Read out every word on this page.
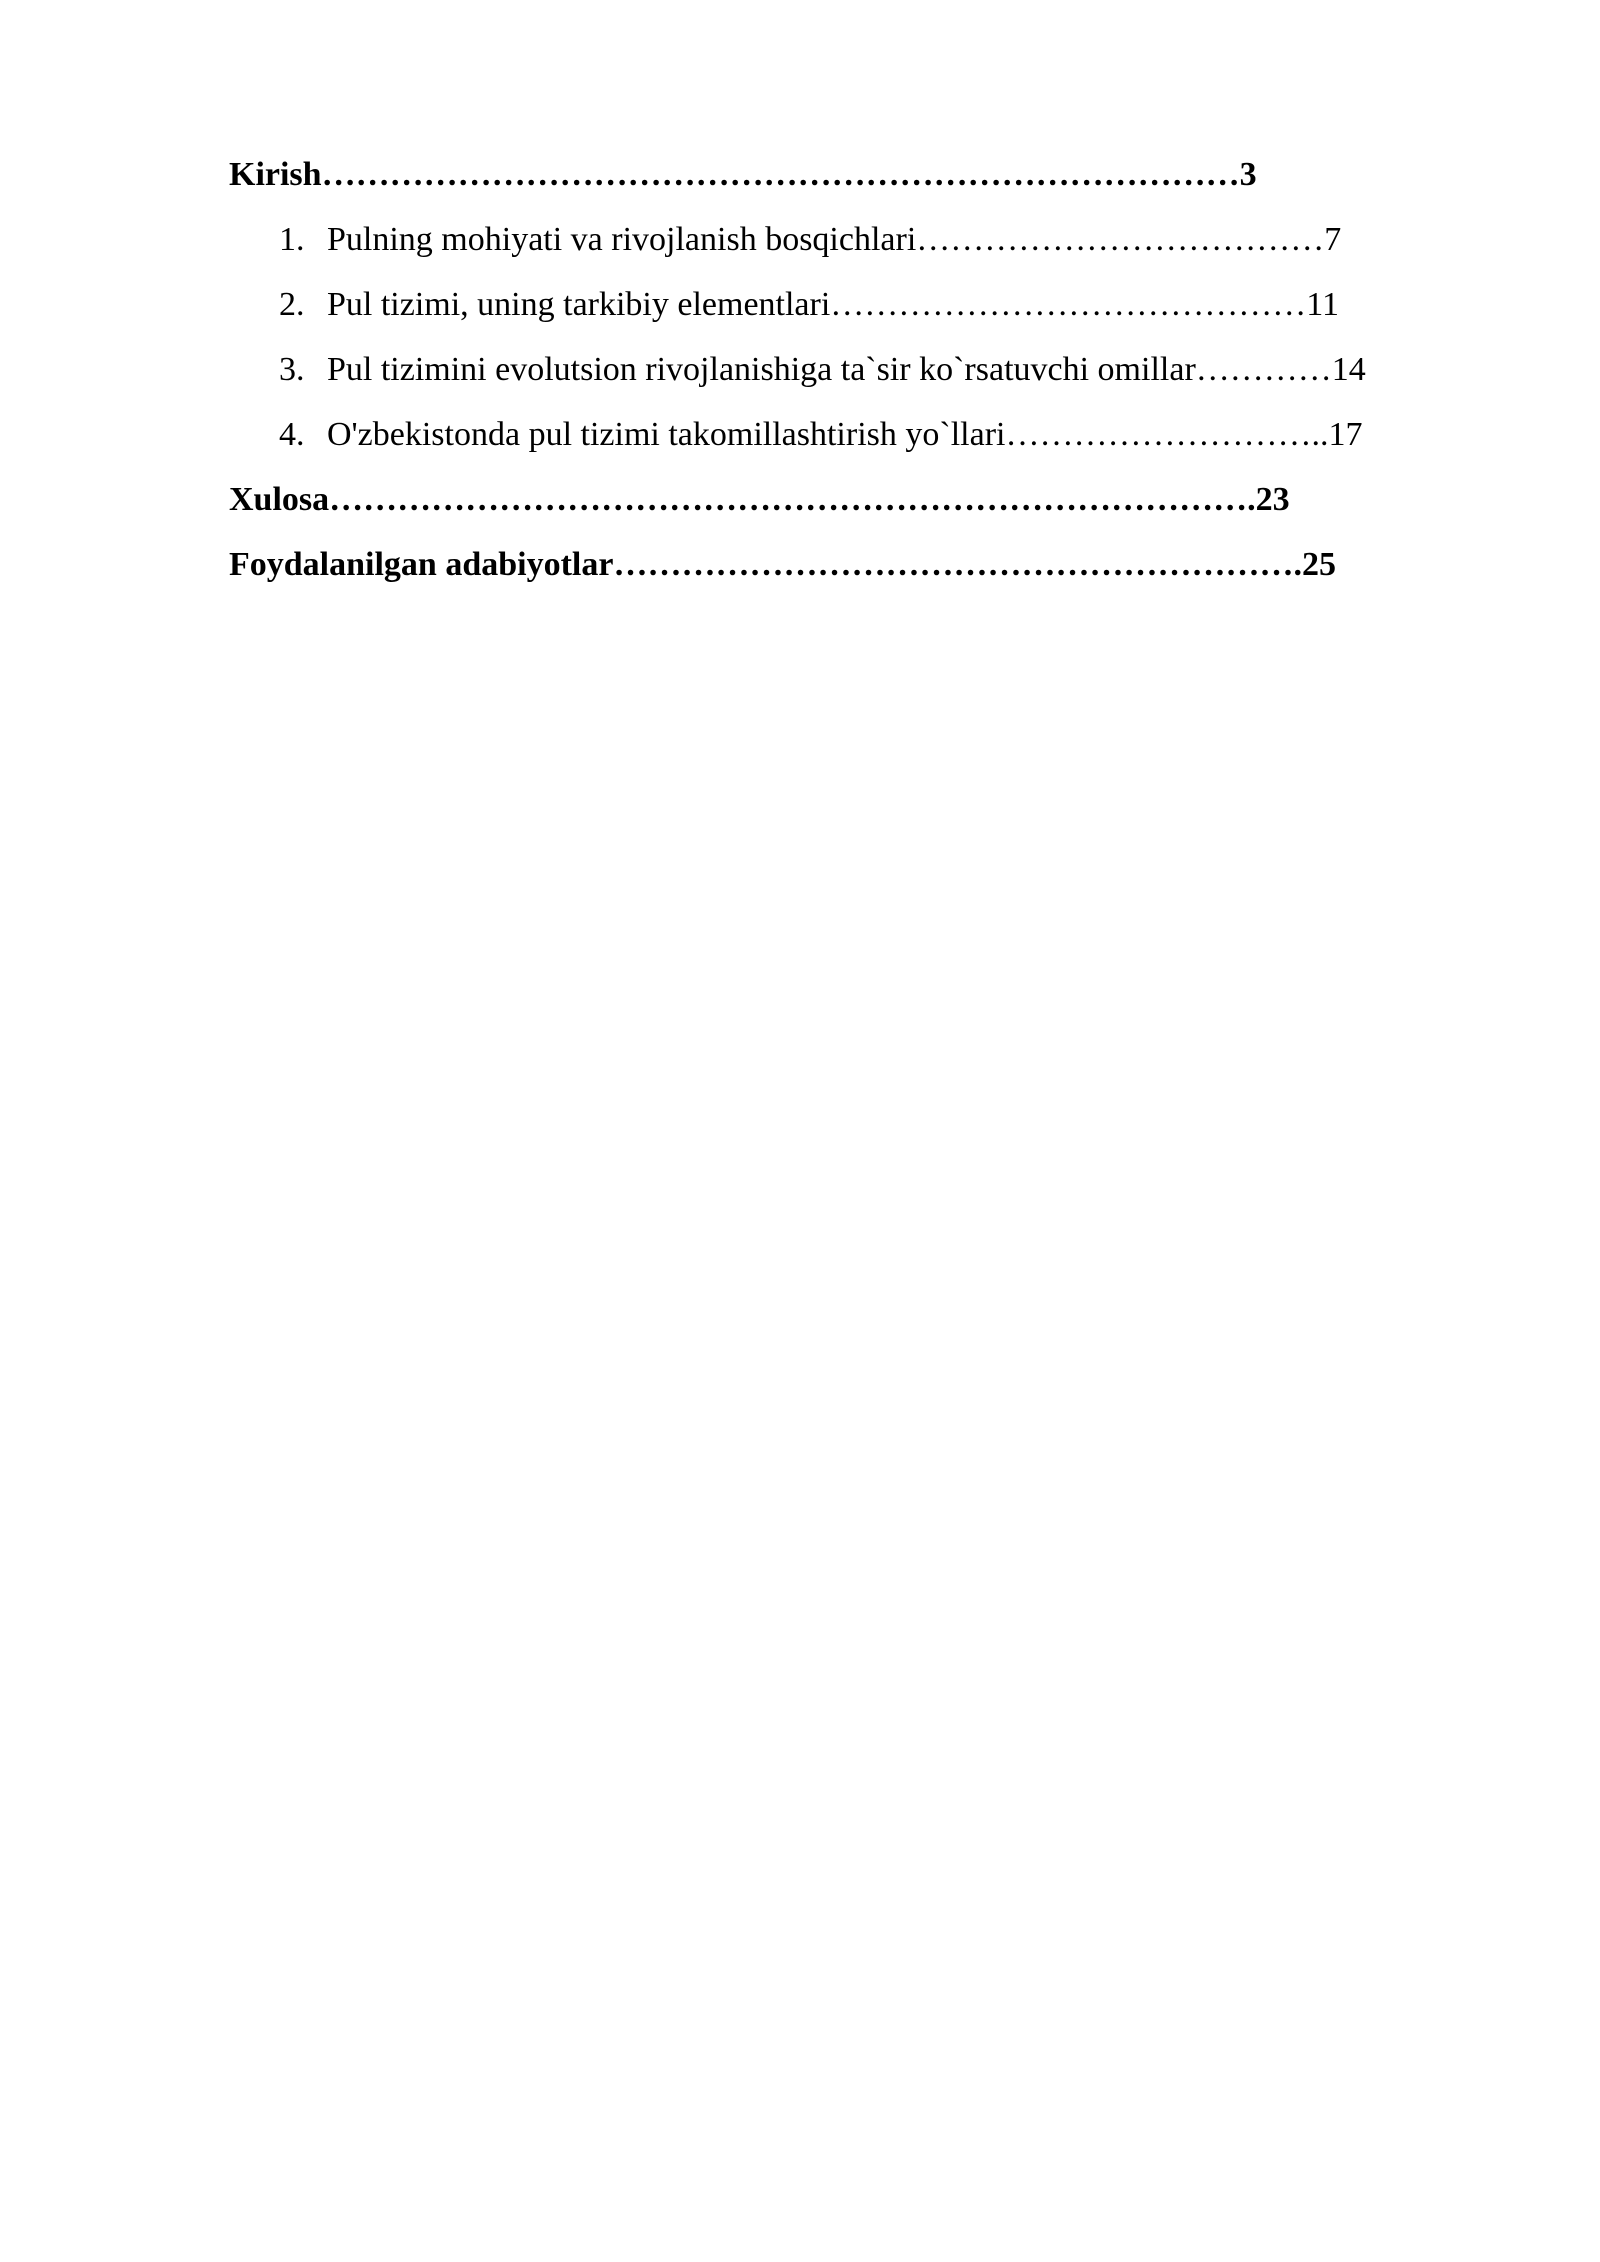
Kirish………………………………………………………………………3
1. Pulning mohiyati va rivojlanish bosqichlari………………………………7
2. Pul tizimi, uning tarkibiy elementlari……………………………………11
3. Pul tizimini evolutsion rivojlanishiga ta`sir ko`rsatuvchi omillar…………14
4. O'zbekistonda pul tizimi takomillashtirish yo`llari………………………..17
Xulosa……………………………………………………………………….23
Foydalanilgan adabiyotlar…………………………………………………….25
